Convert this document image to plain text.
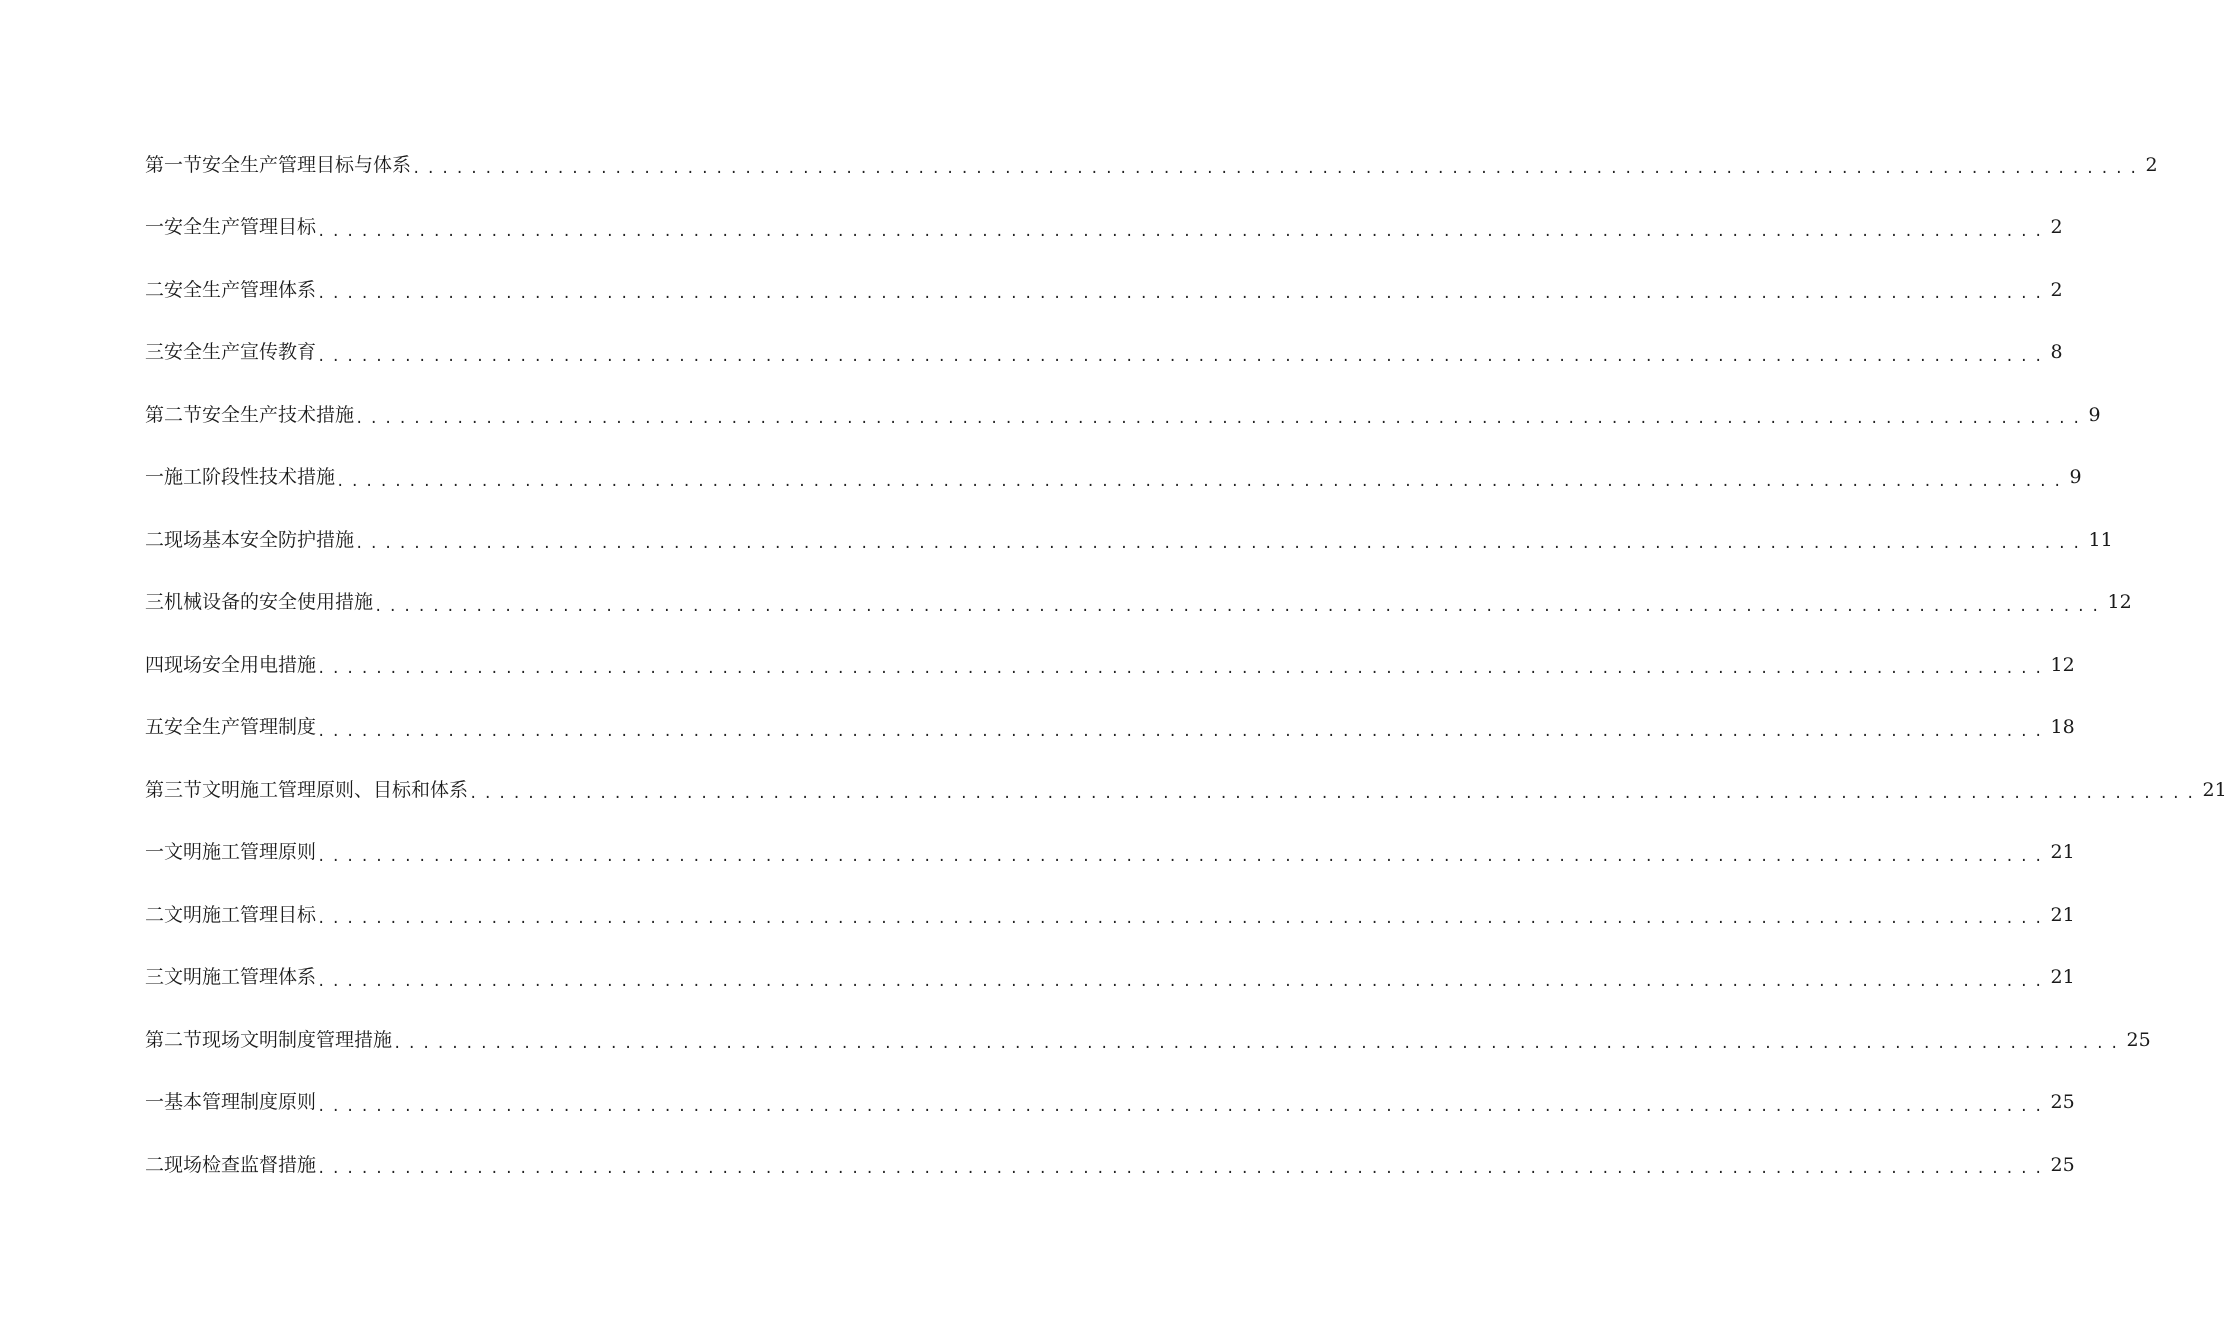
第一节 安全生产管理目标与体系 ........................................................................................................................ 2
一 安全生产管理目标 ........................................................................................................................ 2
二 安全生产管理体系 ........................................................................................................................ 2
三 安全生产宣传教育 ........................................................................................................................ 8
第二节 安全生产技术措施 ........................................................................................................................ 9
一 施工阶段性技术措施 ........................................................................................................................ 9
二 现场基本安全防护措施 ........................................................................................................................ 11
三 机械设备的安全使用措施 ........................................................................................................................ 12
四 现场安全用电措施 ........................................................................................................................ 12
五 安全生产管理制度 ........................................................................................................................ 18
第三节 文明施工管理原则、目标和体系 ........................................................................................................................ 21
一 文明施工管理原则 ........................................................................................................................ 21
二 文明施工管理目标 ........................................................................................................................ 21
三 文明施工管理体系 ........................................................................................................................ 21
第二节 现场文明制度管理措施 ........................................................................................................................ 25
一 基本管理制度原则 ........................................................................................................................ 25
二 现场检查监督措施 ........................................................................................................................ 25
